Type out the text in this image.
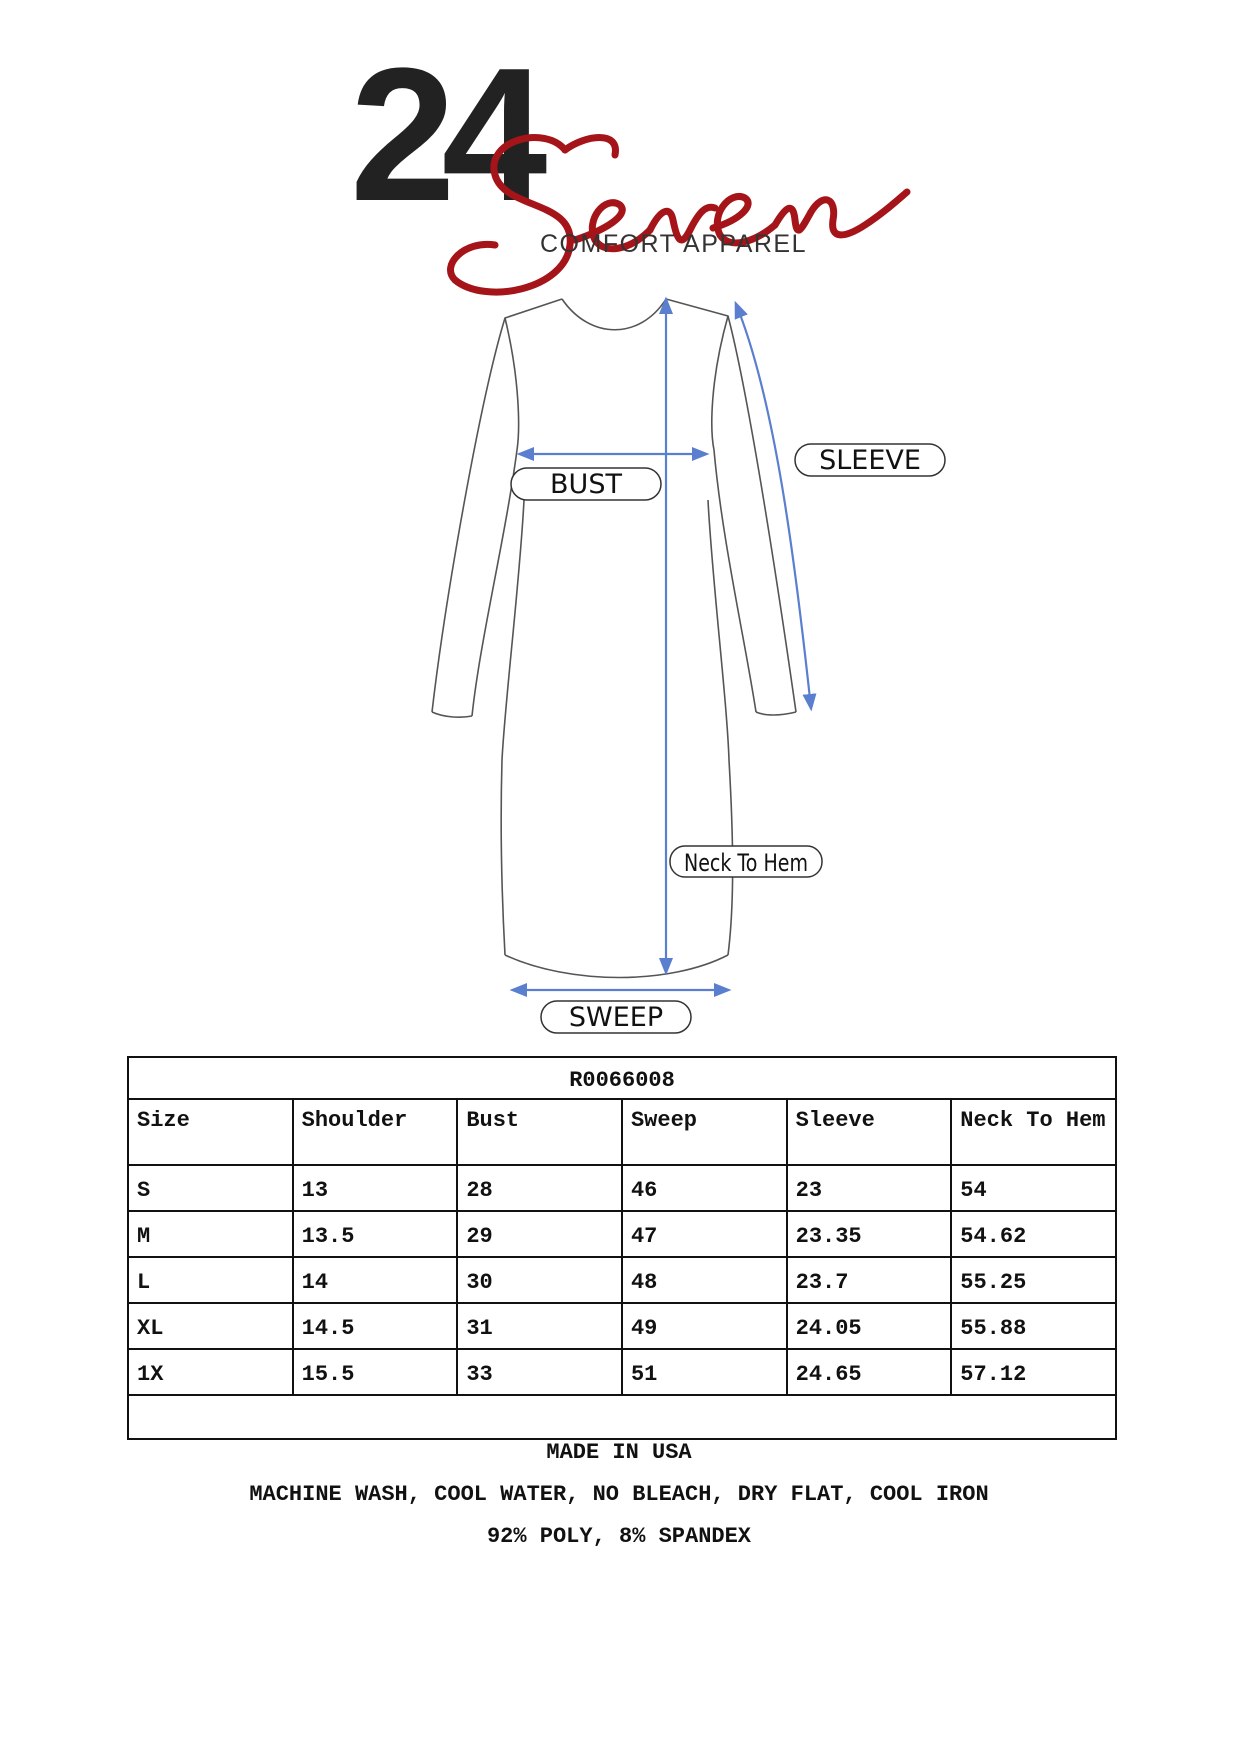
24
COMFORT APPAREL
BUST
SLEEVE
Neck To Hem
SWEEP
R0066008					
Size	Shoulder	Bust	Sweep	Sleeve	Neck To Hem
S	13	28	46	23	54
M	13.5	29	47	23.35	54.62
L	14	30	48	23.7	55.25
XL	14.5	31	49	24.05	55.88
1X	15.5	33	51	24.65	57.12

MADE IN USA
MACHINE WASH, COOL WATER, NO BLEACH, DRY FLAT, COOL IRON
92% POLY, 8% SPANDEX
